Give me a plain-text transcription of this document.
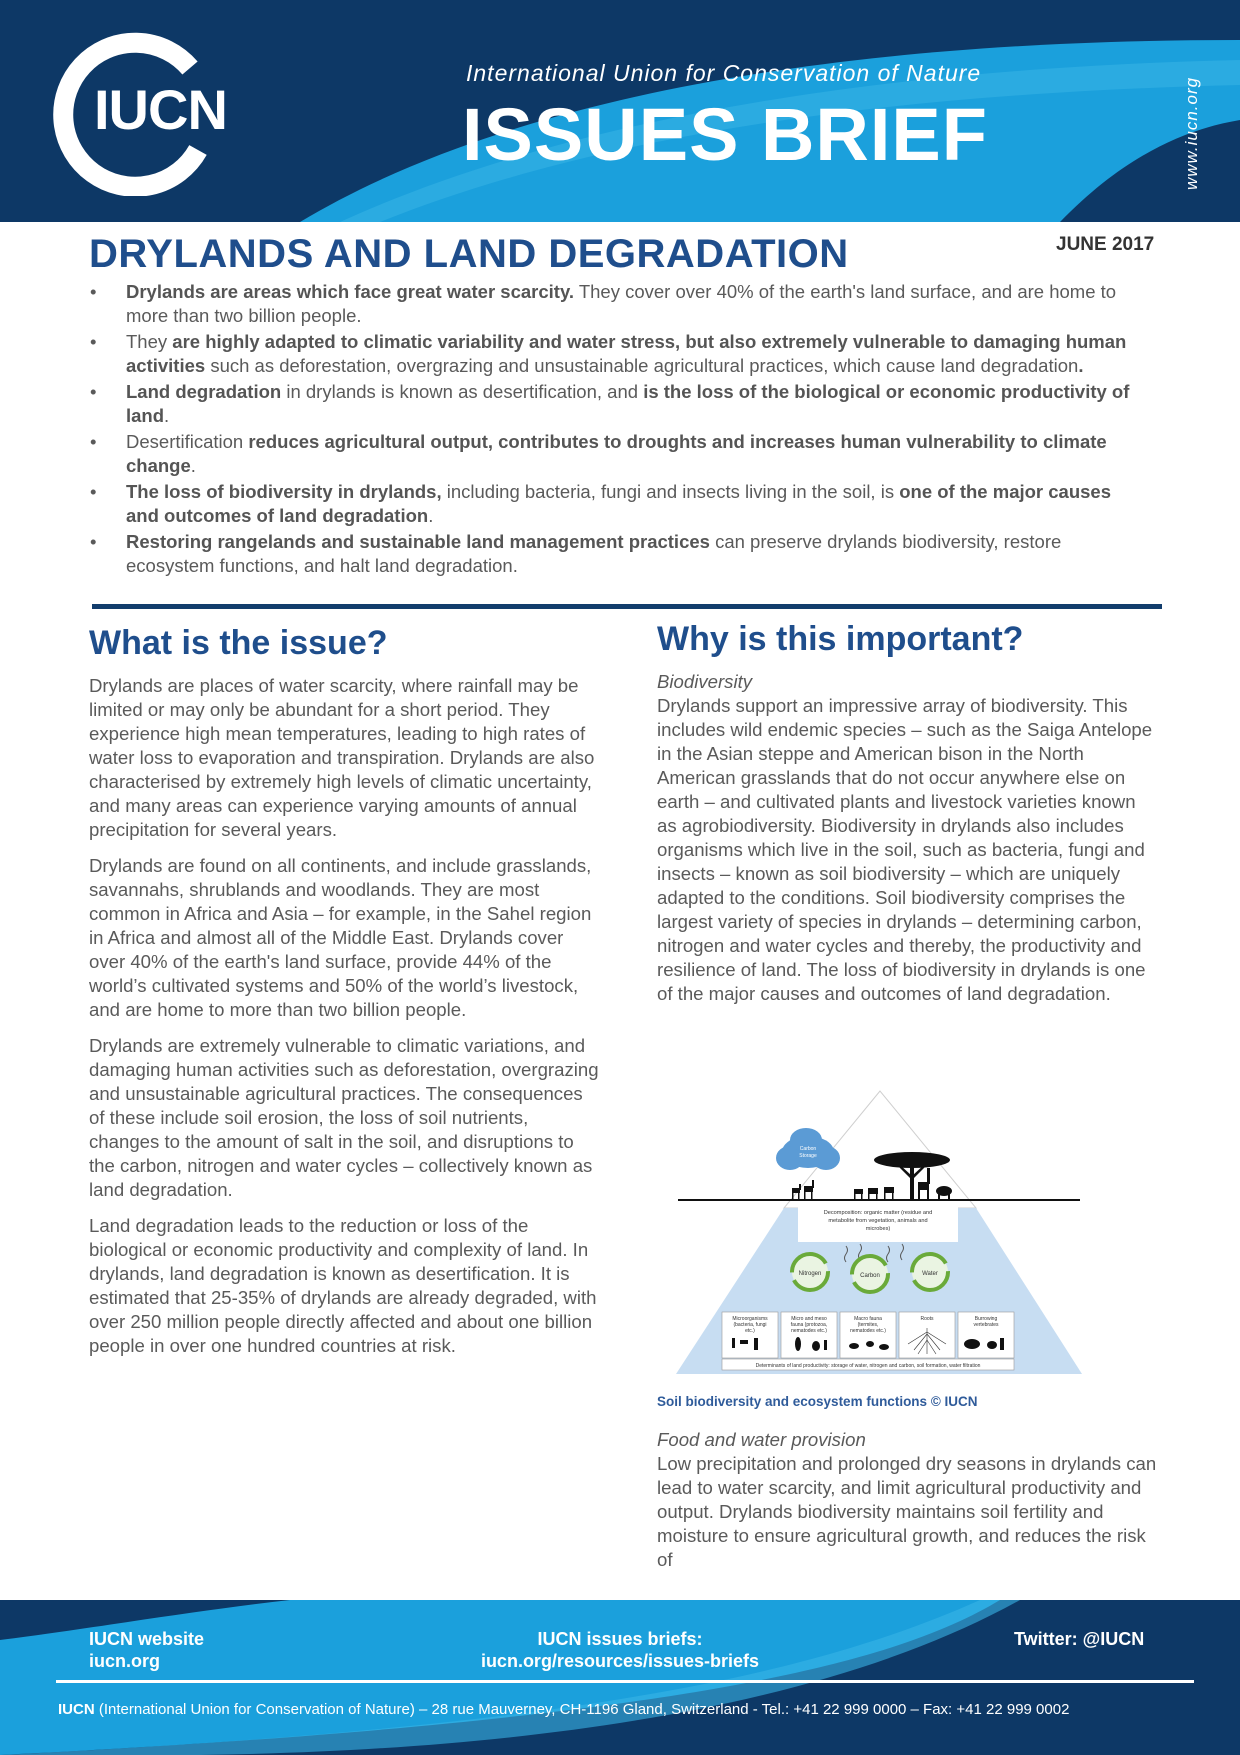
IUCN
International Union for Conservation of Nature
ISSUES BRIEF	www.iucn.org
DRYLANDS AND LAND DEGRADATION	JUNE 2017
• Drylands are areas which face great water scarcity. They cover over 40% of the earth's land surface, and are home to more than two billion people.
• They are highly adapted to climatic variability and water stress, but also extremely vulnerable to damaging human activities such as deforestation, overgrazing and unsustainable agricultural practices, which cause land degradation.
• Land degradation in drylands is known as desertification, and is the loss of the biological or economic productivity of land.
• Desertification reduces agricultural output, contributes to droughts and increases human vulnerability to climate change.
• The loss of biodiversity in drylands, including bacteria, fungi and insects living in the soil, is one of the major causes and outcomes of land degradation.
• Restoring rangelands and sustainable land management practices can preserve drylands biodiversity, restore ecosystem functions, and halt land degradation.
What is the issue?

Drylands are places of water scarcity, where rainfall may be limited or may only be abundant for a short period. They experience high mean temperatures, leading to high rates of water loss to evaporation and transpiration. Drylands are also characterised by extremely high levels of climatic uncertainty, and many areas can experience varying amounts of annual precipitation for several years.

Drylands are found on all continents, and include grasslands, savannahs, shrublands and woodlands. They are most common in Africa and Asia – for example, in the Sahel region in Africa and almost all of the Middle East. Drylands cover over 40% of the earth's land surface, provide 44% of the world’s cultivated systems and 50% of the world’s livestock, and are home to more than two billion people.

Drylands are extremely vulnerable to climatic variations, and damaging human activities such as deforestation, overgrazing and unsustainable agricultural practices. The consequences of these include soil erosion, the loss of soil nutrients, changes to the amount of salt in the soil, and disruptions to the carbon, nitrogen and water cycles – collectively known as land degradation.

Land degradation leads to the reduction or loss of the biological or economic productivity and complexity of land. In drylands, land degradation is known as desertification. It is estimated that 25-35% of drylands are already degraded, with over 250 million people directly affected and about one billion people in over one hundred countries at risk.

Why is this important?
Biodiversity

Drylands support an impressive array of biodiversity. This includes wild endemic species – such as the Saiga Antelope in the Asian steppe and American bison in the North American grasslands that do not occur anywhere else on earth – and cultivated plants and livestock varieties known as agrobiodiversity. Biodiversity in drylands also includes organisms which live in the soil, such as bacteria, fungi and insects – known as soil biodiversity – which are uniquely adapted to the conditions. Soil biodiversity comprises the largest variety of species in drylands – determining carbon, nitrogen and water cycles and thereby, the productivity and resilience of land. The loss of biodiversity in drylands is one of the major causes and outcomes of land degradation.

Carbon
Storage
Decomposition: organic matter (residue and
metabolite from vegetation, animals and
microbes)
Nitrogen	Carbon	Water
Microorganisms
(bacteria, fungi
etc.)
Micro and meso
fauna (protozoa,
nematodes etc.)
Macro fauna
(termites,
nematodes etc.)
Roots	Burrowing
vertebrates
Determinants of land productivity: storage of water, nitrogen and carbon, soil formation, water filtration
Soil biodiversity and ecosystem functions © IUCN
Food and water provision

Low precipitation and prolonged dry seasons in drylands can lead to water scarcity, and limit agricultural productivity and output. Drylands biodiversity maintains soil fertility and moisture to ensure agricultural growth, and reduces the risk of

IUCN website
iucn.org
IUCN issues briefs:
iucn.org/resources/issues-briefs
Twitter: @IUCN
IUCN (International Union for Conservation of Nature) – 28 rue Mauverney, CH-1196 Gland, Switzerland - Tel.: +41 22 999 0000 – Fax: +41 22 999 0002
